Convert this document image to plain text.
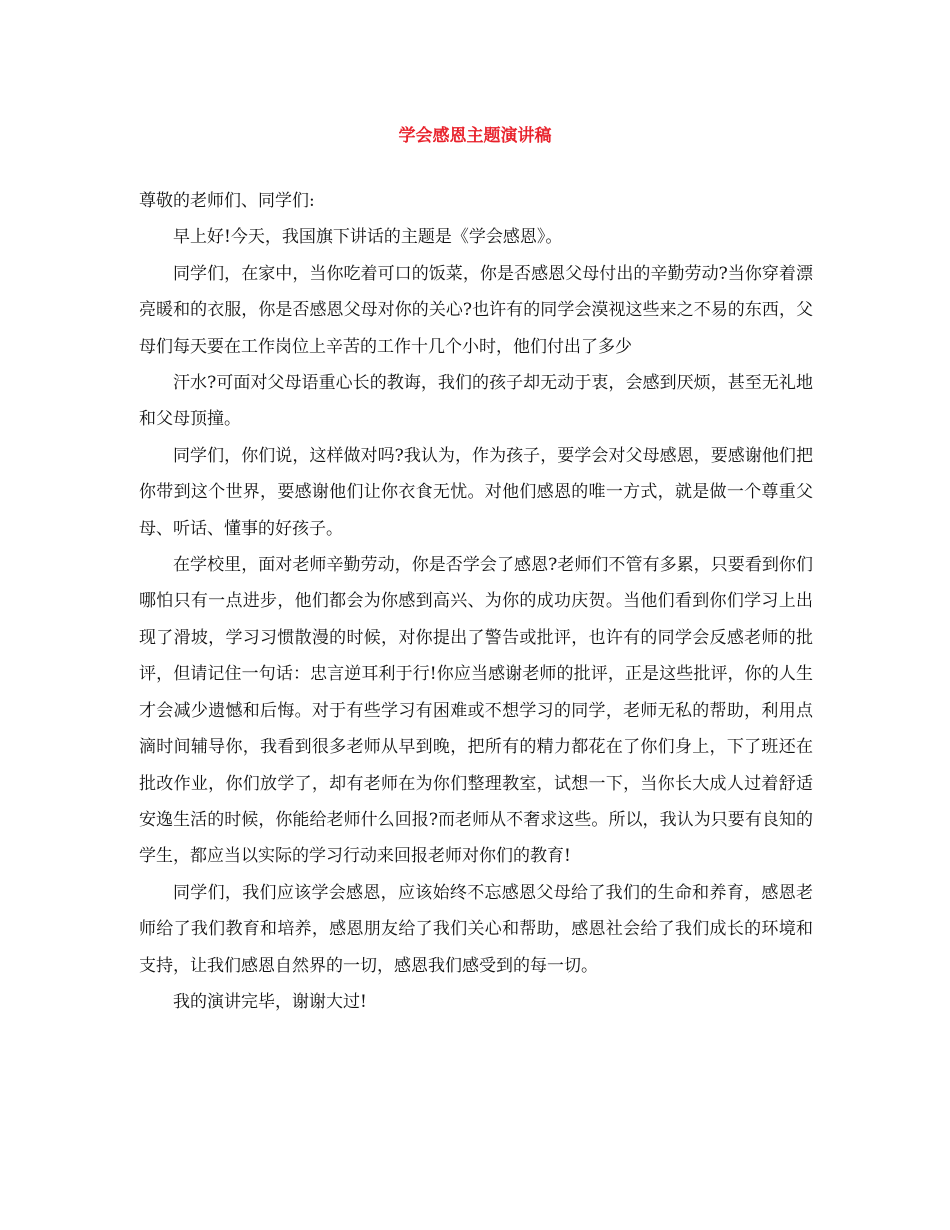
学会感恩主题演讲稿

尊敬的老师们、同学们:

早上好!今天，我国旗下讲话的主题是《学会感恩》。

同学们，在家中，当你吃着可口的饭菜，你是否感恩父母付出的辛勤劳动?当你穿着漂亮暖和的衣服，你是否感恩父母对你的关心?也许有的同学会漠视这些来之不易的东西，父母们每天要在工作岗位上辛苦的工作十几个小时，他们付出了多少

汗水?可面对父母语重心长的教诲，我们的孩子却无动于衷，会感到厌烦，甚至无礼地和父母顶撞。

同学们，你们说，这样做对吗?我认为，作为孩子，要学会对父母感恩，要感谢他们把你带到这个世界，要感谢他们让你衣食无忧。对他们感恩的唯一方式，就是做一个尊重父母、听话、懂事的好孩子。

在学校里，面对老师辛勤劳动，你是否学会了感恩?老师们不管有多累，只要看到你们哪怕只有一点进步，他们都会为你感到高兴、为你的成功庆贺。当他们看到你们学习上出现了滑坡，学习习惯散漫的时候，对你提出了警告或批评，也许有的同学会反感老师的批评，但请记住一句话：忠言逆耳利于行!你应当感谢老师的批评，正是这些批评，你的人生才会减少遗憾和后悔。对于有些学习有困难或不想学习的同学，老师无私的帮助，利用点滴时间辅导你，我看到很多老师从早到晚，把所有的精力都花在了你们身上，下了班还在批改作业，你们放学了，却有老师在为你们整理教室，试想一下，当你长大成人过着舒适安逸生活的时候，你能给老师什么回报?而老师从不奢求这些。所以，我认为只要有良知的学生，都应当以实际的学习行动来回报老师对你们的教育!

同学们，我们应该学会感恩，应该始终不忘感恩父母给了我们的生命和养育，感恩老师给了我们教育和培养，感恩朋友给了我们关心和帮助，感恩社会给了我们成长的环境和支持，让我们感恩自然界的一切，感恩我们感受到的每一切。

我的演讲完毕，谢谢大过!
